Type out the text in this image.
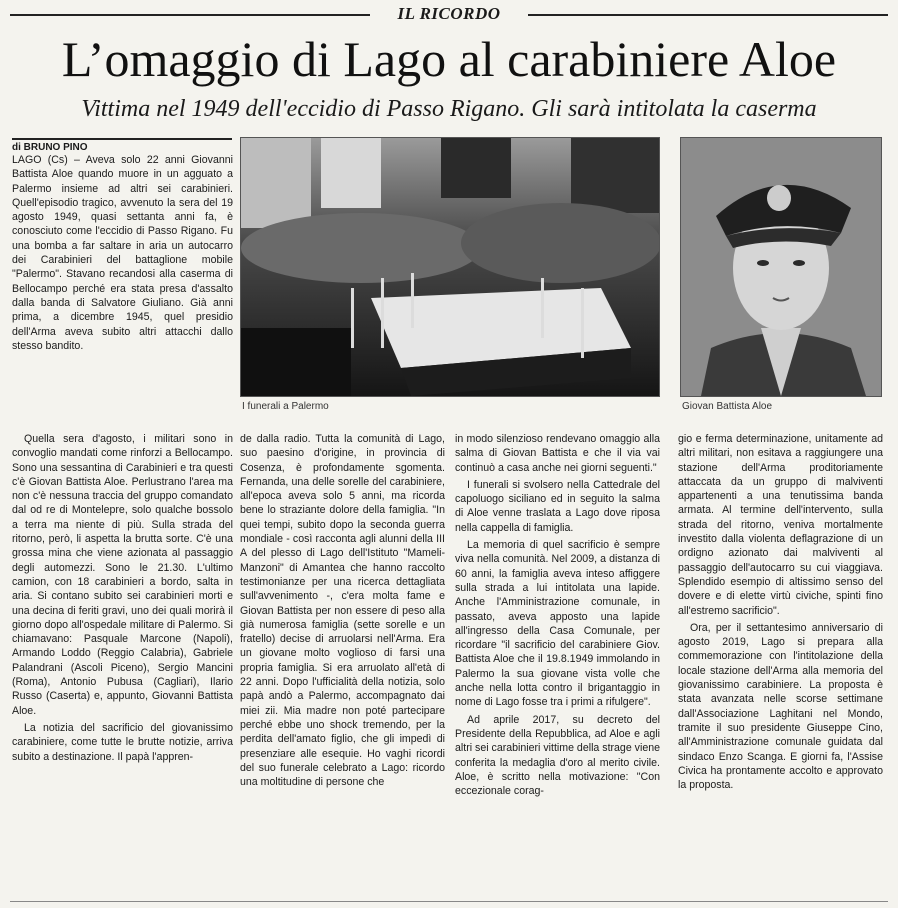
IL RICORDO
L’omaggio di Lago al carabiniere Aloe
Vittima nel 1949 dell'eccidio di Passo Rigano. Gli sarà intitolata la caserma
di BRUNO PINO

LAGO (Cs) – Aveva solo 22 anni Giovanni Battista Aloe quando muore in un agguato a Palermo insieme ad altri sei carabinieri. Quell'episodio tragico, avvenuto la sera del 19 agosto 1949, quasi settanta anni fa, è conosciuto come l'eccidio di Passo Rigano. Fu una bomba a far saltare in aria un autocarro dei Carabinieri del battaglione mobile "Palermo". Stavano recandosi alla caserma di Bellocampo perché era stata presa d'assalto dalla banda di Salvatore Giuliano. Già anni prima, a dicembre 1945, quel presidio dell'Arma aveva subito altri attacchi dallo stesso bandito.

I funerali a Palermo	Giovan Battista Aloe

Quella sera d'agosto, i militari sono in convoglio mandati come rinforzi a Bellocampo. Sono una sessantina di Carabinieri e tra questi c'è Giovan Battista Aloe. Perlustrano l'area ma non c'è nessuna traccia del gruppo comandato dal od re di Montelepre, solo qualche bossolo a terra ma niente di più. Sulla strada del ritorno, però, li aspetta la brutta sorte. C'è una grossa mina che viene azionata al passaggio degli automezzi. Sono le 21.30. L'ultimo camion, con 18 carabinieri a bordo, salta in aria. Si contano subito sei carabinieri morti e una decina di feriti gravi, uno dei quali morirà il giorno dopo all'ospedale militare di Palermo. Si chiamavano: Pasquale Marcone (Napoli), Armando Loddo (Reggio Calabria), Gabriele Palandrani (Ascoli Piceno), Sergio Mancini (Roma), Antonio Pubusa (Cagliari), Ilario Russo (Caserta) e, appunto, Giovanni Battista Aloe.

La notizia del sacrificio del giovanissimo carabiniere, come tutte le brutte notizie, arriva subito a destinazione. Il papà l'appren-

de dalla radio. Tutta la comunità di Lago, suo paesino d'origine, in provincia di Cosenza, è profondamente sgomenta. Fernanda, una delle sorelle del carabiniere, all'epoca aveva solo 5 anni, ma ricorda bene lo straziante dolore della famiglia. "In quei tempi, subito dopo la seconda guerra mondiale - così racconta agli alunni della III A del plesso di Lago dell'Istituto "Mameli-Manzoni" di Amantea che hanno raccolto testimonianze per una ricerca dettagliata sull'avvenimento -, c'era molta fame e Giovan Battista per non essere di peso alla già numerosa famiglia (sette sorelle e un fratello) decise di arruolarsi nell'Arma. Era un giovane molto voglioso di farsi una propria famiglia. Si era arruolato all'età di 22 anni. Dopo l'ufficialità della notizia, solo papà andò a Palermo, accompagnato dai miei zii. Mia madre non poté partecipare perché ebbe uno shock tremendo, per la perdita dell'amato figlio, che gli impedì di presenziare alle esequie. Ho vaghi ricordi del suo funerale celebrato a Lago: ricordo una moltitudine di persone che

in modo silenzioso rendevano omaggio alla salma di Giovan Battista e che il via vai continuò a casa anche nei giorni seguenti."

I funerali si svolsero nella Cattedrale del capoluogo siciliano ed in seguito la salma di Aloe venne traslata a Lago dove riposa nella cappella di famiglia.

La memoria di quel sacrificio è sempre viva nella comunità. Nel 2009, a distanza di 60 anni, la famiglia aveva inteso affiggere sulla strada a lui intitolata una lapide. Anche l'Amministrazione comunale, in passato, aveva apposto una lapide all'ingresso della Casa Comunale, per ricordare "il sacrificio del carabiniere Giov. Battista Aloe che il 19.8.1949 immolando in Palermo la sua giovane vista volle che anche nella lotta contro il brigantaggio in nome di Lago fosse tra i primi a rifulgere".

Ad aprile 2017, su decreto del Presidente della Repubblica, ad Aloe e agli altri sei carabinieri vittime della strage viene conferita la medaglia d'oro al merito civile. Aloe, è scritto nella motivazione: "Con eccezionale corag-

gio e ferma determinazione, unitamente ad altri militari, non esitava a raggiungere una stazione dell'Arma proditoriamente attaccata da un gruppo di malviventi appartenenti a una tenutissima banda armata. Al termine dell'intervento, sulla strada del ritorno, veniva mortalmente investito dalla violenta deflagrazione di un ordigno azionato dai malviventi al passaggio dell'autocarro su cui viaggiava. Splendido esempio di altissimo senso del dovere e di elette virtù civiche, spinti fino all'estremo sacrificio".

Ora, per il settantesimo anniversario di agosto 2019, Lago si prepara alla commemorazione con l'intitolazione della locale stazione dell'Arma alla memoria del giovanissimo carabiniere. La proposta è stata avanzata nelle scorse settimane dall'Associazione Laghitani nel Mondo, tramite il suo presidente Giuseppe Cino, all'Amministrazione comunale guidata dal sindaco Enzo Scanga. E giorni fa, l'Assise Civica ha prontamente accolto e approvato la proposta.
